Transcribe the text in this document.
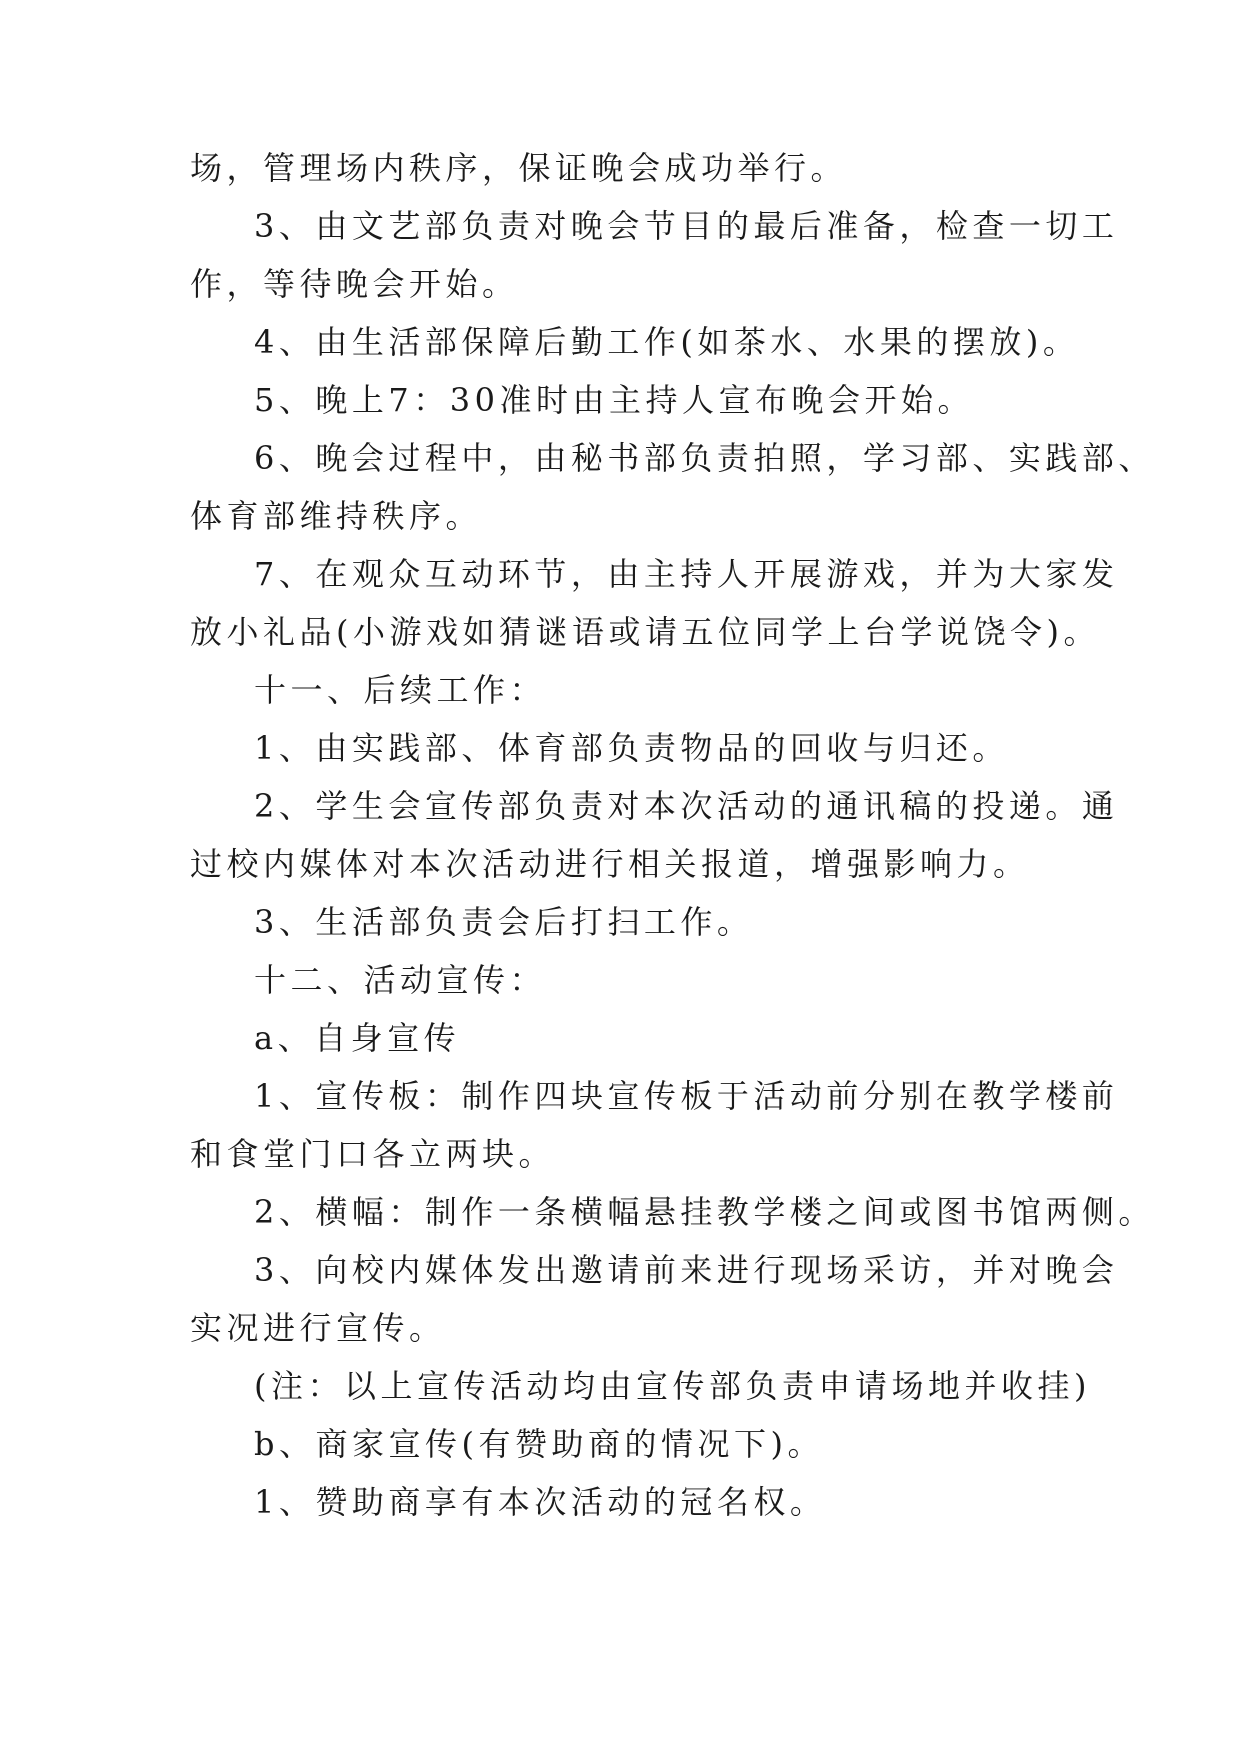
场，管理场内秩序，保证晚会成功举行。

3、由文艺部负责对晚会节目的最后准备，检查一切工

作，等待晚会开始。

4、由生活部保障后勤工作(如茶水、水果的摆放)。

5、晚上7：30准时由主持人宣布晚会开始。

6、晚会过程中，由秘书部负责拍照，学习部、实践部、

体育部维持秩序。

7、在观众互动环节，由主持人开展游戏，并为大家发

放小礼品(小游戏如猜谜语或请五位同学上台学说饶令)。

十一、后续工作：

1、由实践部、体育部负责物品的回收与归还。

2、学生会宣传部负责对本次活动的通讯稿的投递。通

过校内媒体对本次活动进行相关报道，增强影响力。

3、生活部负责会后打扫工作。

十二、活动宣传：

a、自身宣传

1、宣传板：制作四块宣传板于活动前分别在教学楼前

和食堂门口各立两块。

2、横幅：制作一条横幅悬挂教学楼之间或图书馆两侧。

3、向校内媒体发出邀请前来进行现场采访，并对晚会

实况进行宣传。

(注：以上宣传活动均由宣传部负责申请场地并收挂)

b、商家宣传(有赞助商的情况下)。

1、赞助商享有本次活动的冠名权。
